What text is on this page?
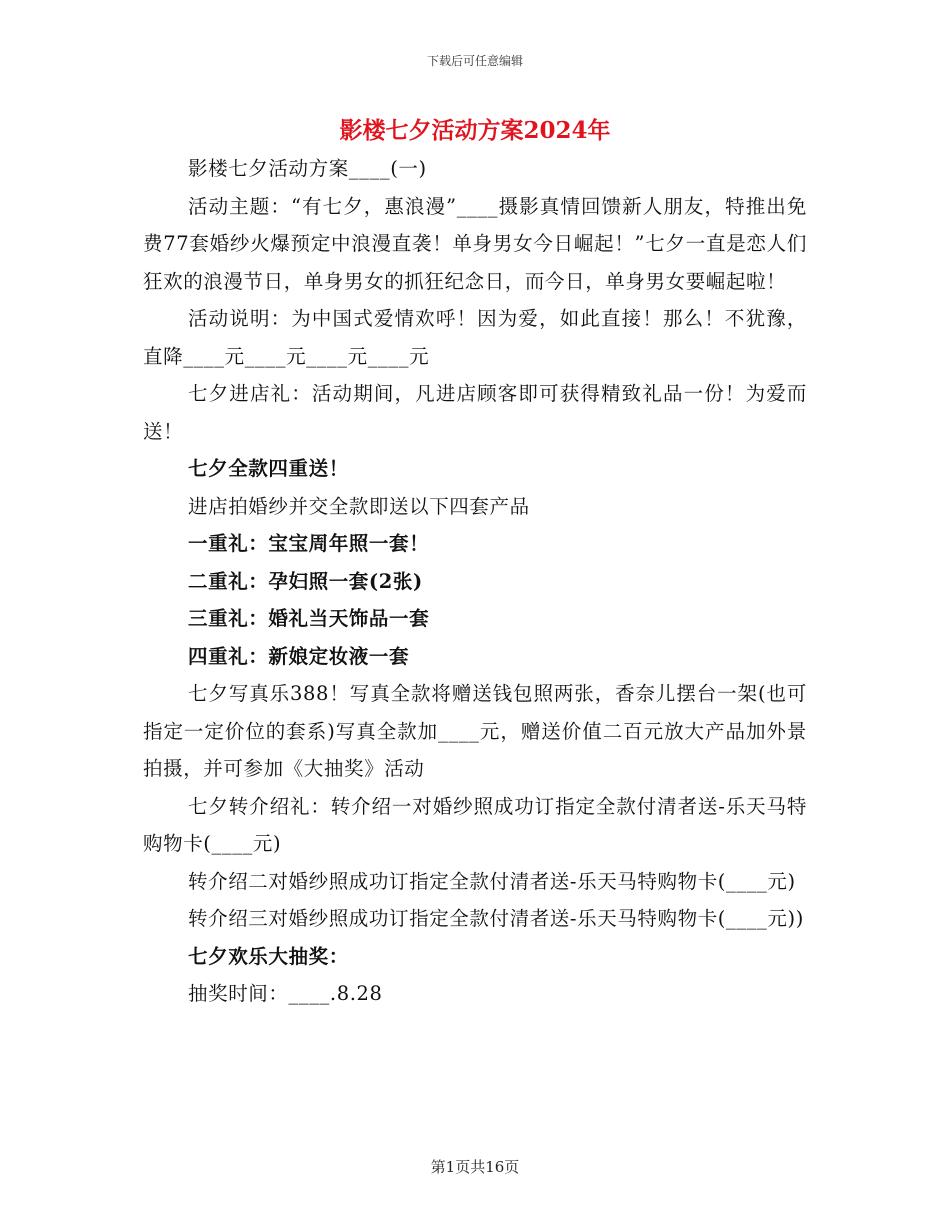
下载后可任意编辑
影楼七夕活动方案2024年

影楼七夕活动方案____(一)

活动主题：“有七夕，惠浪漫”____摄影真情回馈新人朋友，特推出免费77套婚纱火爆预定中浪漫直袭！单身男女今日崛起！”七夕一直是恋人们狂欢的浪漫节日，单身男女的抓狂纪念日，而今日，单身男女要崛起啦！

活动说明：为中国式爱情欢呼！因为爱，如此直接！那么！不犹豫，直降____元____元____元____元

七夕进店礼：活动期间，凡进店顾客即可获得精致礼品一份！为爱而送！

七夕全款四重送！

进店拍婚纱并交全款即送以下四套产品

一重礼：宝宝周年照一套！

二重礼：孕妇照一套(2张)

三重礼：婚礼当天饰品一套

四重礼：新娘定妆液一套

七夕写真乐388！写真全款将赠送钱包照两张，香奈儿摆台一架(也可指定一定价位的套系)写真全款加____元，赠送价值二百元放大产品加外景拍摄，并可参加《大抽奖》活动

七夕转介绍礼：转介绍一对婚纱照成功订指定全款付清者送-乐天马特购物卡(____元)

转介绍二对婚纱照成功订指定全款付清者送-乐天马特购物卡(____元)

转介绍三对婚纱照成功订指定全款付清者送-乐天马特购物卡(____元))

七夕欢乐大抽奖：

抽奖时间：____.8.28

第1页共16页
